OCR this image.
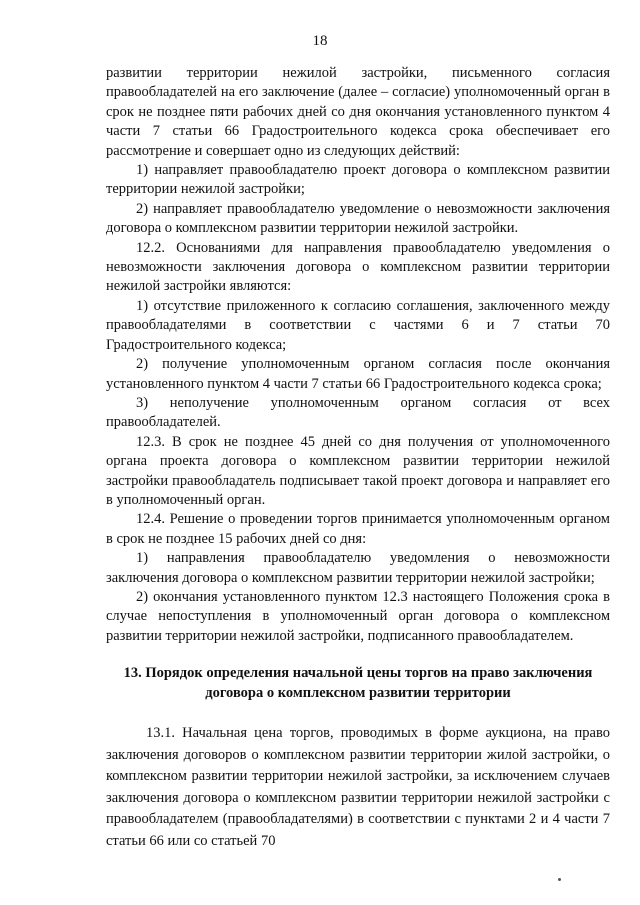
18

развитии территории нежилой застройки, письменного согласия правообладателей на его заключение (далее – согласие) уполномоченный орган в срок не позднее пяти рабочих дней со дня окончания установленного пунктом 4 части 7 статьи 66 Градостроительного кодекса срока обеспечивает его рассмотрение и совершает одно из следующих действий:

1) направляет правообладателю проект договора о комплексном развитии территории нежилой застройки;

2) направляет правообладателю уведомление о невозможности заключения договора о комплексном развитии территории нежилой застройки.

12.2. Основаниями для направления правообладателю уведомления о невозможности заключения договора о комплексном развитии территории нежилой застройки являются:

1) отсутствие приложенного к согласию соглашения, заключенного между правообладателями в соответствии с частями 6 и 7 статьи 70 Градостроительного кодекса;

2) получение уполномоченным органом согласия после окончания установленного пунктом 4 части 7 статьи 66 Градостроительного кодекса срока;

3) неполучение уполномоченным органом согласия от всех правообладателей.

12.3. В срок не позднее 45 дней со дня получения от уполномоченного органа проекта договора о комплексном развитии территории нежилой застройки правообладатель подписывает такой проект договора и направляет его в уполномоченный орган.

12.4. Решение о проведении торгов принимается уполномоченным органом в срок не позднее 15 рабочих дней со дня:

1) направления правообладателю уведомления о невозможности заключения договора о комплексном развитии территории нежилой застройки;

2) окончания установленного пунктом 12.3 настоящего Положения срока в случае непоступления в уполномоченный орган договора о комплексном развитии территории нежилой застройки, подписанного правообладателем.

13. Порядок определения начальной цены торгов на право заключения договора о комплексном развитии территории

13.1. Начальная цена торгов, проводимых в форме аукциона, на право заключения договоров о комплексном развитии территории жилой застройки, о комплексном развитии территории нежилой застройки, за исключением случаев заключения договора о комплексном развитии территории нежилой застройки с правообладателем (правообладателями) в соответствии с пунктами 2 и 4 части 7 статьи 66 или со статьей 70
